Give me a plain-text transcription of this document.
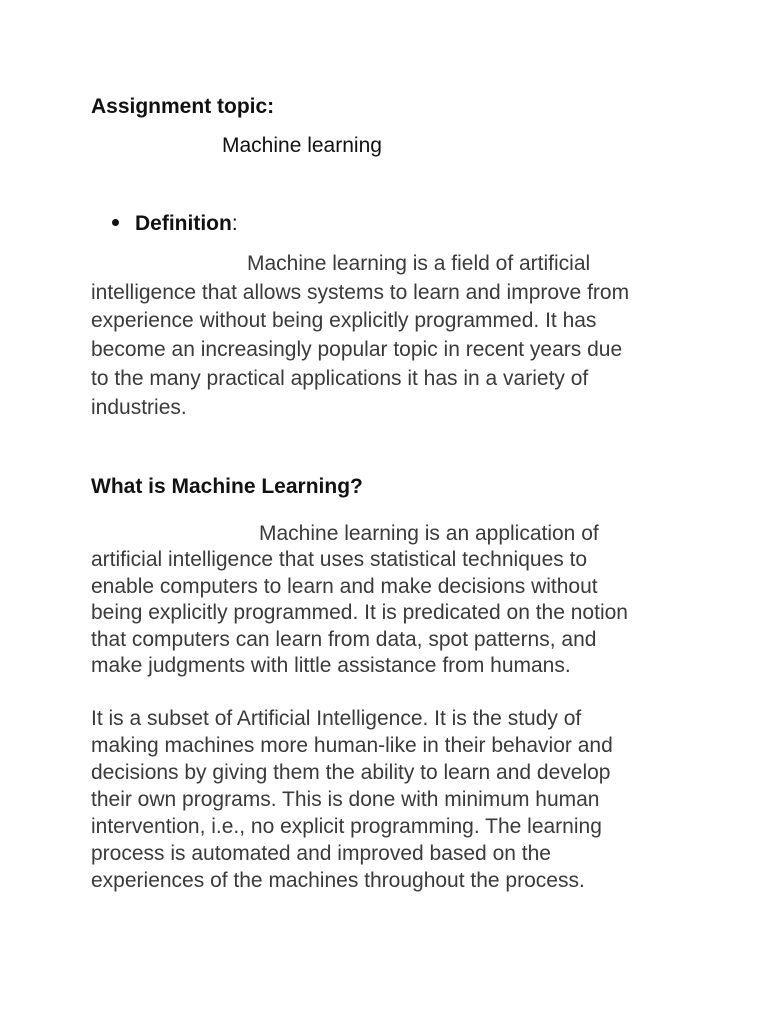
Assignment topic:
Machine learning
Definition:
Machine learning is a field of artificial
intelligence that allows systems to learn and improve from
experience without being explicitly programmed. It has
become an increasingly popular topic in recent years due
to the many practical applications it has in a variety of
industries.
What is Machine Learning?
Machine learning is an application of
artificial intelligence that uses statistical techniques to
enable computers to learn and make decisions without
being explicitly programmed. It is predicated on the notion
that computers can learn from data, spot patterns, and
make judgments with little assistance from humans.
It is a subset of Artificial Intelligence. It is the study of
making machines more human-like in their behavior and
decisions by giving them the ability to learn and develop
their own programs. This is done with minimum human
intervention, i.e., no explicit programming. The learning
process is automated and improved based on the
experiences of the machines throughout the process.
